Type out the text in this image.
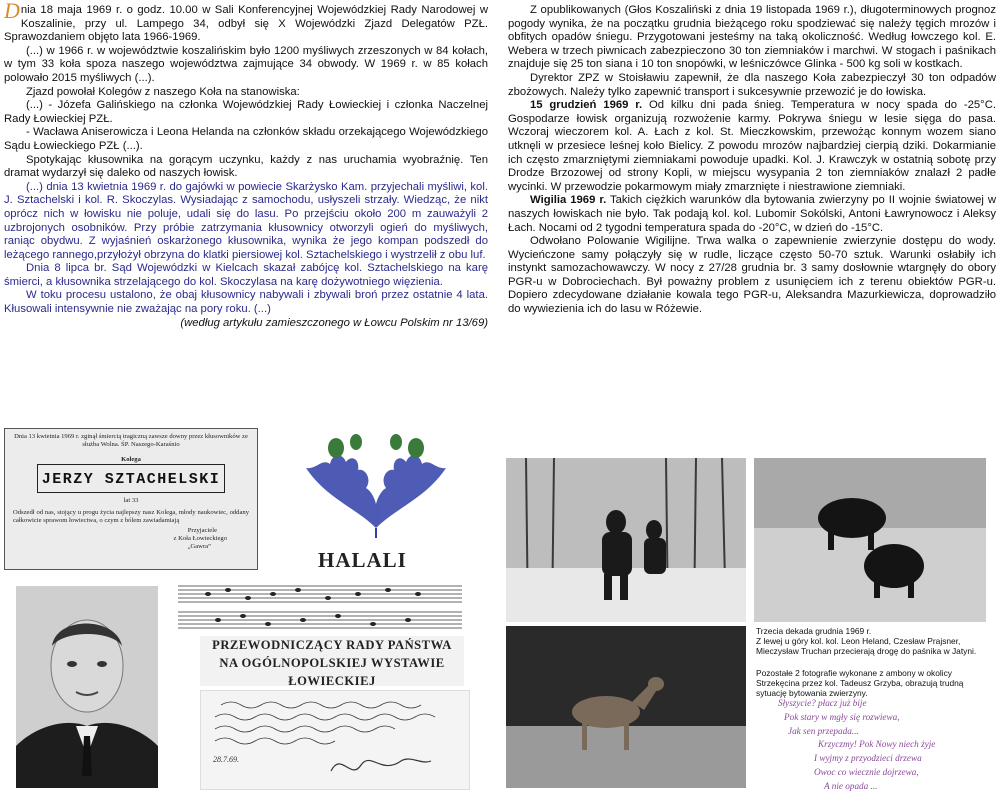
Dnia 18 maja 1969 r. o godz. 10.00 w Sali Konferencyjnej Wojewódzkiej Rady Narodowej w Koszalinie, przy ul. Lampego 34, odbył się X Wojewódzki Zjazd Delegatów PZŁ. Sprawozdaniem objęto lata 1966-1969.

(...) w 1966 r. w województwie koszalińskim było 1200 myśliwych zrzeszonych w 84 kołach, w tym 33 koła spoza naszego województwa zajmujące 34 obwody. W 1969 r. w 85 kołach polowało 2015 myśliwych (...).

Zjazd powołał Kolegów z naszego Koła na stanowiska:

(...) - Józefa Galińskiego na członka Wojewódzkiej Rady Łowieckiej i członka Naczelnej Rady Łowieckiej PZŁ.

- Wacława Aniserowicza i Leona Helanda na członków składu orzekającego Wojewódzkiego Sądu Łowieckiego PZŁ (...).

Spotykając kłusownika na gorącym uczynku, każdy z nas uruchamia wyobraźnię. Ten dramat wydarzył się daleko od naszych łowisk.

(...) dnia 13 kwietnia 1969 r. do gajówki w powiecie Skarżysko Kam. przyjechali myśliwi, kol. J. Sztachelski i kol. R. Skoczylas. Wysiadając z samochodu, usłyszeli strzały. Wiedząc, że nikt oprócz nich w łowisku nie poluje, udali się do lasu. Po przejściu około 200 m zauważyli 2 uzbrojonych osobników. Przy próbie zatrzymania kłusownicy otworzyli ogień do myśliwych, raniąc obydwu. Z wyjaśnień oskarżonego kłusownika, wynika że jego kompan podszedł do leżącego rannego,przyłożył obrzyna do klatki piersiowej kol. Sztachelskiego i wystrzelił z obu luf.

Dnia 8 lipca br. Sąd Wojewódzki w Kielcach skazał zabójcę kol. Sztachelskiego na karę śmierci, a kłusownika strzelającego do kol. Skoczylasa na karę dożywotniego więzienia.

W toku procesu ustalono, że obaj kłusownicy nabywali i zbywali broń przez ostatnie 4 lata. Kłusowali intensywnie nie zważając na pory roku. (...)

(według artykułu zamieszczonego w Łowcu Polskim nr 13/69)

Dnia 13 kwietnia 1969 r. zginął śmiercią tragiczną zawsze downy przez kłusowników ze służba Wolna. ŚP. Naszego-Karaśnio
Kolega
JERZY SZTACHELSKI
lat 33
Odszedł od nas, stojący u progu życia najlepszy nasz Kolega, młody naukowiec, oddany całkowicie sprawom łowiectwa, o czym z bólem zawiadamiają
Przyjaciele
z Koła Łowieckiego
„Gawra”
HALALI
PRZEWODNICZĄCY RADY PAŃSTWA
NA OGÓLNOPOLSKIEJ WYSTAWIE ŁOWIECKIEJ
28.7.69.

Z opublikowanych (Głos Koszaliński z dnia 19 listopada 1969 r.), długoterminowych prognoz pogody wynika, że na początku grudnia bieżącego roku spodziewać się należy tęgich mrozów i obfitych opadów śniegu. Przygotowani jesteśmy na taką okoliczność. Według łowczego kol. E. Webera w trzech piwnicach zabezpieczono 30 ton ziemniaków i marchwi. W stogach i paśnikach znajduje się 25 ton siana i 10 ton snopówki, w leśniczówce Glinka - 500 kg soli w kostkach.

Dyrektor ZPZ w Stoisławiu zapewnił, że dla naszego Koła zabezpieczył 30 ton odpadów zbożowych. Należy tylko zapewnić transport i sukcesywnie przewozić je do łowiska.

15 grudzień 1969 r. Od kilku dni pada śnieg. Temperatura w nocy spada do -25°C. Gospodarze łowisk organizują rozwożenie karmy. Pokrywa śniegu w lesie sięga do pasa. Wczoraj wieczorem kol. A. Łach z kol. St. Mieczkowskim, przewożąc konnym wozem siano utknęli w przesiece leśnej koło Bielicy. Z powodu mrozów najbardziej cierpią dziki. Dokarmianie ich często zmarzniętymi ziemniakami powoduje upadki. Kol. J. Krawczyk w ostatnią sobotę przy Drodze Brzozowej od strony Kopli, w miejscu wysypania 2 ton ziemniaków znalazł 2 padłe wycinki. W przewodzie pokarmowym miały zmarznięte i niestrawione ziemniaki.

Wigilia 1969 r. Takich ciężkich warunków dla bytowania zwierzyny po II wojnie światowej w naszych łowiskach nie było. Tak podają kol. kol. Lubomir Sokólski, Antoni Ławrynowocz i Aleksy Łach. Nocami od 2 tygodni temperatura spada do -20°C, w dzień do -15°C.

Odwołano Polowanie Wigilijne. Trwa walka o zapewnienie zwierzynie dostępu do wody. Wycieńczone samy połączyły się w rudle, liczące często 50-70 sztuk. Warunki osłabiły ich instynkt samozachowawczy. W nocy z 27/28 grudnia br. 3 samy dosłownie wtargnęły do obory PGR-u w Dobrociechach. Był poważny problem z usunięciem ich z terenu obiektów PGR-u. Dopiero zdecydowane działanie kowala tego PGR-u, Aleksandra Mazurkiewicza, doprowadziło do wywiezienia ich do lasu w Różewie.

Trzecia dekada grudnia 1969 r.
Z lewej u góry kol. kol. Leon Heland, Czesław Prajsner, Mieczysław Truchan przecierają drogę do paśnika w Jatyni.
Pozostałe 2 fotografie wykonane z ambony w okolicy Strzekęcina przez kol. Tadeusz Grzyba, obrazują trudną sytuację bytowania zwierzyny.
Słyszycie? płacz już bije
Pok stary w mgły się rozwiewa,
Jak sen przepada...
Krzyczmy! Pok Nowy niech żyje
I wyjmy z przyodzieci drzewa
Owoc co wiecznie dojrzewa,
A nie opada ...
